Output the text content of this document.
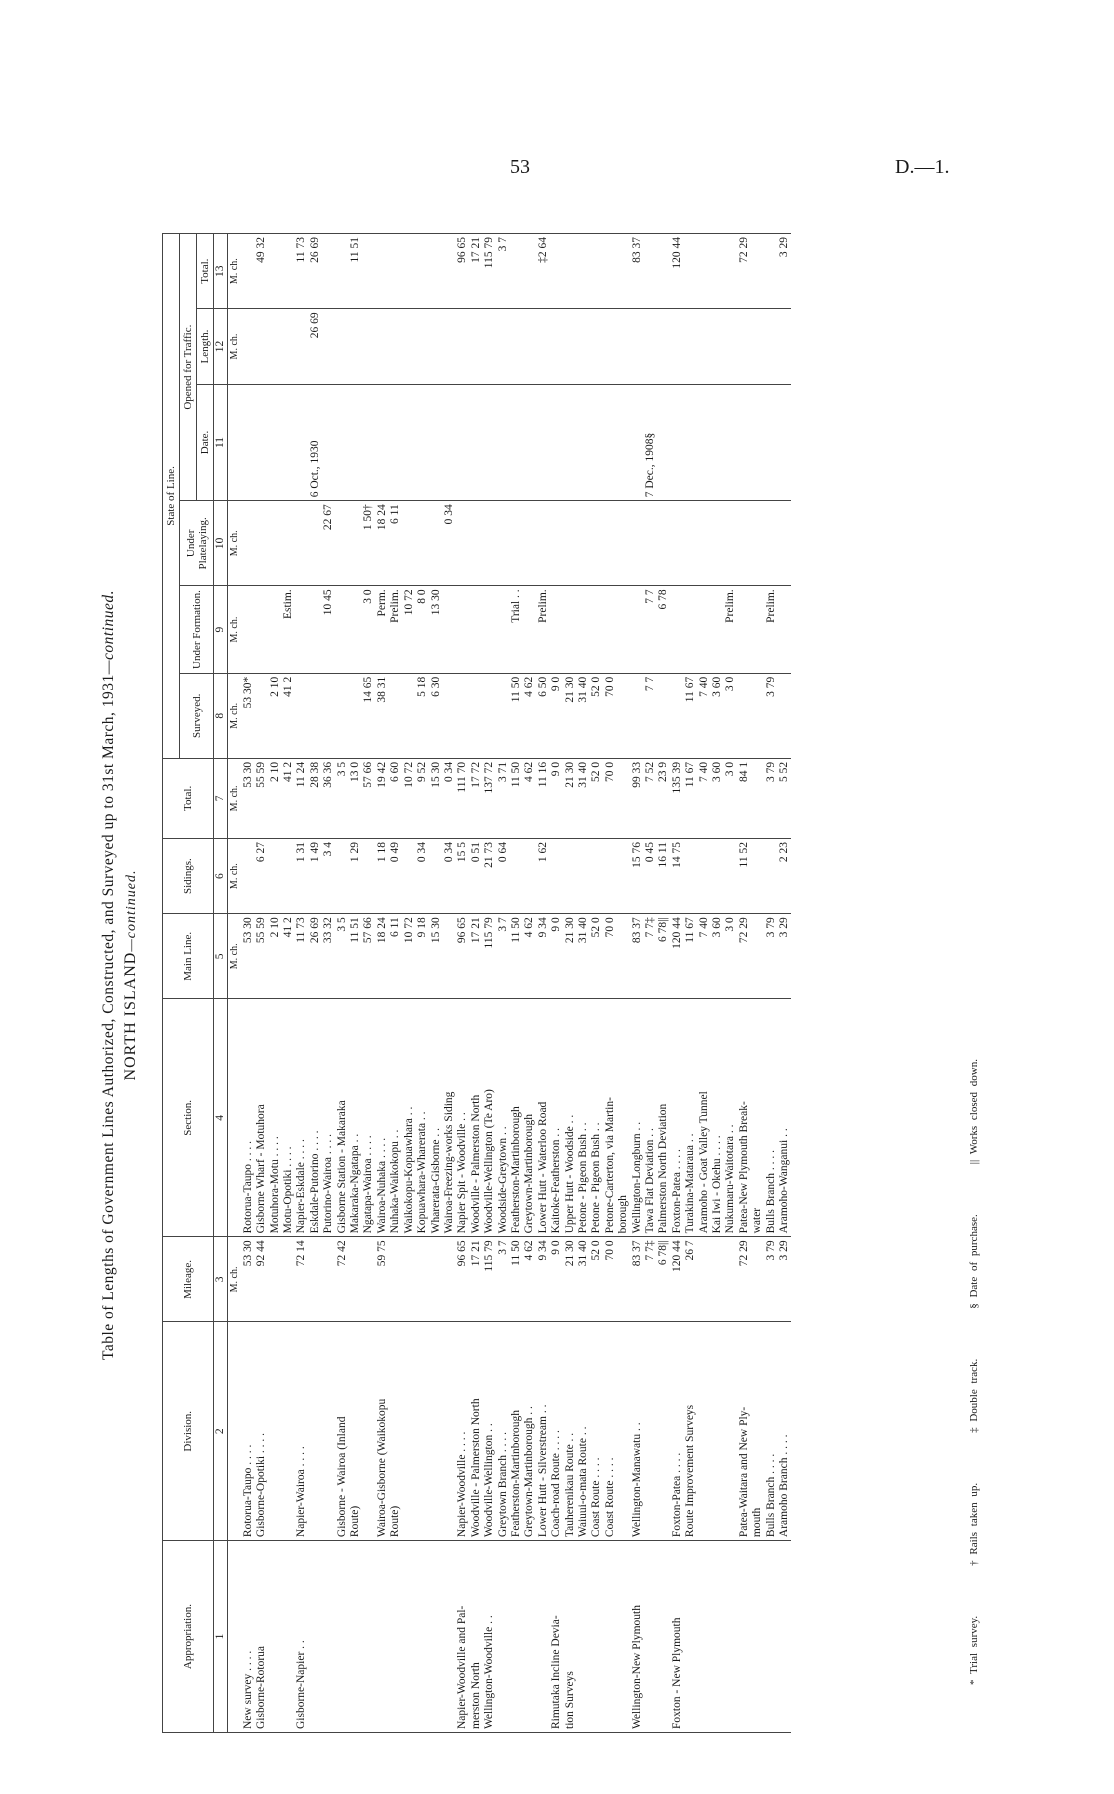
53	D.—1.
Table of Lengths of Government Lines Authorized, Constructed, and Surveyed up to 31st March, 1931—continued.
NORTH ISLAND—continued.
Appropriation.	Division.	Mileage.	Section.	Main Line.	Sidings.	Total.	State of Line.					
							Surveyed.	Under Formation.	Under Platelaying.	Opened for Traffic.		
										Date.	Length.	Total.
1	2	3	4	5	6	7	8	9	10	11	12	13
		M. ch.		M. ch.	M. ch.	M. ch.	M. ch.	M. ch.	M. ch.		M. ch.	M. ch.
New survey . . . .	Rotorua-Taupo . . . .	53 30	Rotorua-Taupo . . . .	53 30		53 30	53 30*					
Gisborne-Rotorua	Gisborne-Opotiki . . . .	92 44	Gisborne Wharf - Motuhora	55 59	6 27	55 59						49 32
			Motuhora-Motu . . . .	2 10		2 10	2 10					
			Motu-Opotiki . . . .	41 2		41 2	41 2	Estim.				
Gisborne-Napier . .	Napier-Wairoa . . . .	72 14	Napier-Eskdale . . . .	11 73	1 31	11 24						11 73
			Eskdale-Putorino . . . .	26 69	1 49	28 38				6 Oct., 1930	26 69	26 69
			Putorino-Wairoa . . . .	33 32	3 4	36 36		10 45	22 67			
	Gisborne - Wairoa (Inland	72 42	Gisborne Station - Makaraka	3 5		3 5						
	Route)		Makaraka-Ngatapa . .	11 51	1 29	13 0						11 51

			Ngatapa-Wairoa . . . .	57 66		57 66	14 65	3 0	1 50†			
	Wairoa-Gisborne (Waikokopu	59 75	Wairoa-Nuhaka . . . .	18 24	1 18	19 42	38 31	Perm.	18 24			
	Route)		Nuhaka-Waikokopu . .	6 11	0 49	6 60		Prelim.	6 11			
			Waikokopu-Kopuawhara . .	10 72		10 72		10 72				
			Kopuawhara-Wharerata . .	9 18	0 34	9 52	5 18	8 0				
			Wharerata-Gisborne . .	15 30		15 30	6 30	13 30				
			Wairoa-Freezing-works Siding		0 34	0 34			0 34			
Napier-Woodville and Pal-	Napier-Woodville . . . .	96 65	Napier Spit - Woodville . .	96 65	15 5	111 70						96 65
merston North	Woodville - Palmerston North	17 21	Woodville - Palmerston North	17 21	0 51	17 72						17 21
Wellington-Woodville . .	Woodville-Wellington . .	115 79	Woodville-Wellington (Te Aro)	115 79	21 73	137 72						115 79
	Greytown Branch . . . .	3 7	Woodside-Greytown . .	3 7	0 64	3 71						3 7
	Featherston-Martinborough	11 50	Featherston-Martinborough	11 50		11 50	11 50	Trial . .				
	Greytown-Martinborough . .	4 62	Greytown-Martinborough	4 62		4 62	4 62					
	Lower Hutt - Silverstream . .	9 34	Lower Hutt - Waterloo Road	9 34	1 62	11 16	6 50	Prelim.				‡2 64
Rimutaka Incline Devia-	Coach-road Route . . . .	9 0	Kaitoke-Featherston . .	9 0		9 0	9 0					
tion Surveys	Tauherenikau Route . .	21 30	Upper Hutt - Woodside . .	21 30		21 30	21 30					
	Waiuui-o-mata Route . .	31 40	Petone - Pigeon Bush . .	31 40		31 40	31 40					
	Coast Route . . . .	52 0	Petone - Pigeon Bush . .	52 0		52 0	52 0					
	Coast Route . . . .	70 0	Petone-Carterton, via Martin-	70 0		70 0	70 0					
			borough									
Wellington-New Plymouth	Wellington-Manawatu . .	83 37	Wellington-Longburn . .	83 37	15 76	99 33						83 37
		7 7‡	Tawa Flat Deviation . .	7 7‡	0 45	7 52	7 7	7 7		7 Dec., 1908§		
		6 78||	Palmerston North Deviation	6 78||	16 11	23 9		6 78				
Foxton - New Plymouth	Foxton-Patea . . . .	120 44	Foxton-Patea . . . .	120 44	14 75	135 39						120 44
	Route Improvement Surveys	26 7	Turakina-Mataraua . .	11 67		11 67	11 67					
			Aramoho - Goat Valley Tunnel	7 40		7 40	7 40					
			Kai Iwi - Okehu . . . .	3 60		3 60	3 60					
			Nukumaru-Waitotara . .	3 0		3 0	3 0	Prelim.				
	Patea-Waitara and New Ply-	72 29	Patea-New Plymouth Break-	72 29	11 52	84 1						72 29
	mouth		water									
	Bulls Branch . . . .	3 79	Bulls Branch . . . .	3 79		3 79	3 79	Prelim.				
	Aramoho Branch . . . .	3 29	Aramoho-Wanganui . .	3 29	2 23	5 52						3 29
* Trial survey.† Rails taken up.‡ Double track.§ Date of purchase.|| Works closed down.
